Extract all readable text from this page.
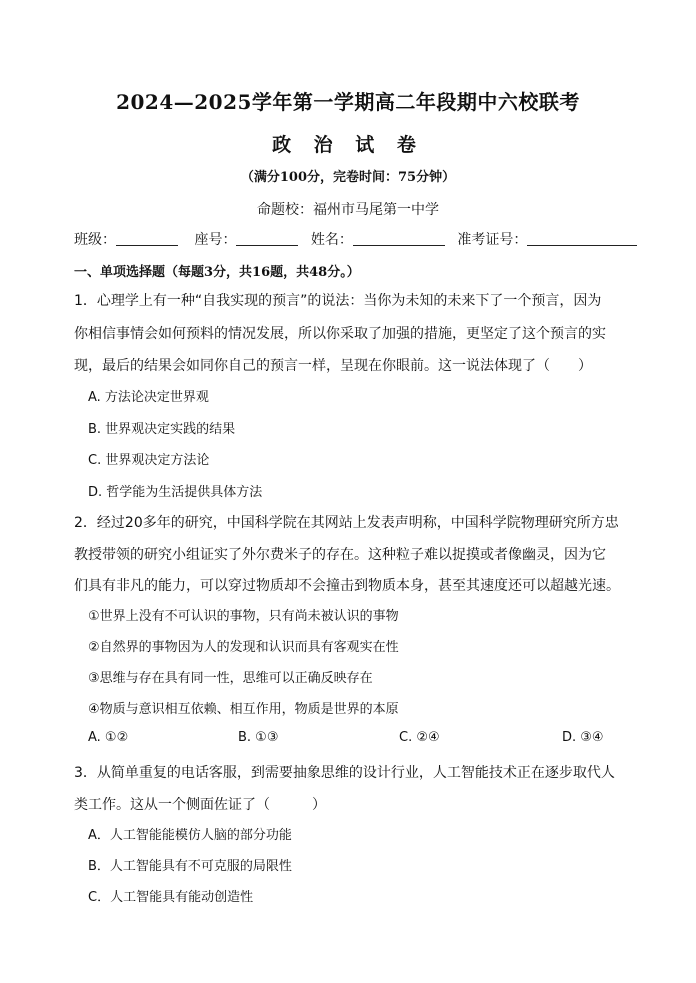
2024—2025学年第一学期高二年段期中六校联考
政 治 试 卷
（满分100分，完卷时间：75分钟）
命题校：福州市马尾第一中学
班级：	座号：	姓名：	准考证号：
一、单项选择题（每题3分，共16题，共48分。）
1．心理学上有一种“自我实现的预言”的说法：当你为未知的未来下了一个预言，因为
你相信事情会如何预料的情况发展，所以你采取了加强的措施，更坚定了这个预言的实
现，最后的结果会如同你自己的预言一样，呈现在你眼前。这一说法体现了（　　）
A. 方法论决定世界观
B. 世界观决定实践的结果
C. 世界观决定方法论
D. 哲学能为生活提供具体方法
2．经过20多年的研究，中国科学院在其网站上发表声明称，中国科学院物理研究所方忠
教授带领的研究小组证实了外尔费米子的存在。这种粒子难以捉摸或者像幽灵，因为它
们具有非凡的能力，可以穿过物质却不会撞击到物质本身，甚至其速度还可以超越光速。
①世界上没有不可认识的事物，只有尚未被认识的事物
②自然界的事物因为人的发现和认识而具有客观实在性
③思维与存在具有同一性，思维可以正确反映存在
④物质与意识相互依赖、相互作用，物质是世界的本原
A. ①②	B. ①③	C. ②④	D. ③④
3．从简单重复的电话客服，到需要抽象思维的设计行业，人工智能技术正在逐步取代人
类工作。这从一个侧面佐证了（　　　）
A．人工智能能模仿人脑的部分功能
B．人工智能具有不可克服的局限性
C．人工智能具有能动创造性
